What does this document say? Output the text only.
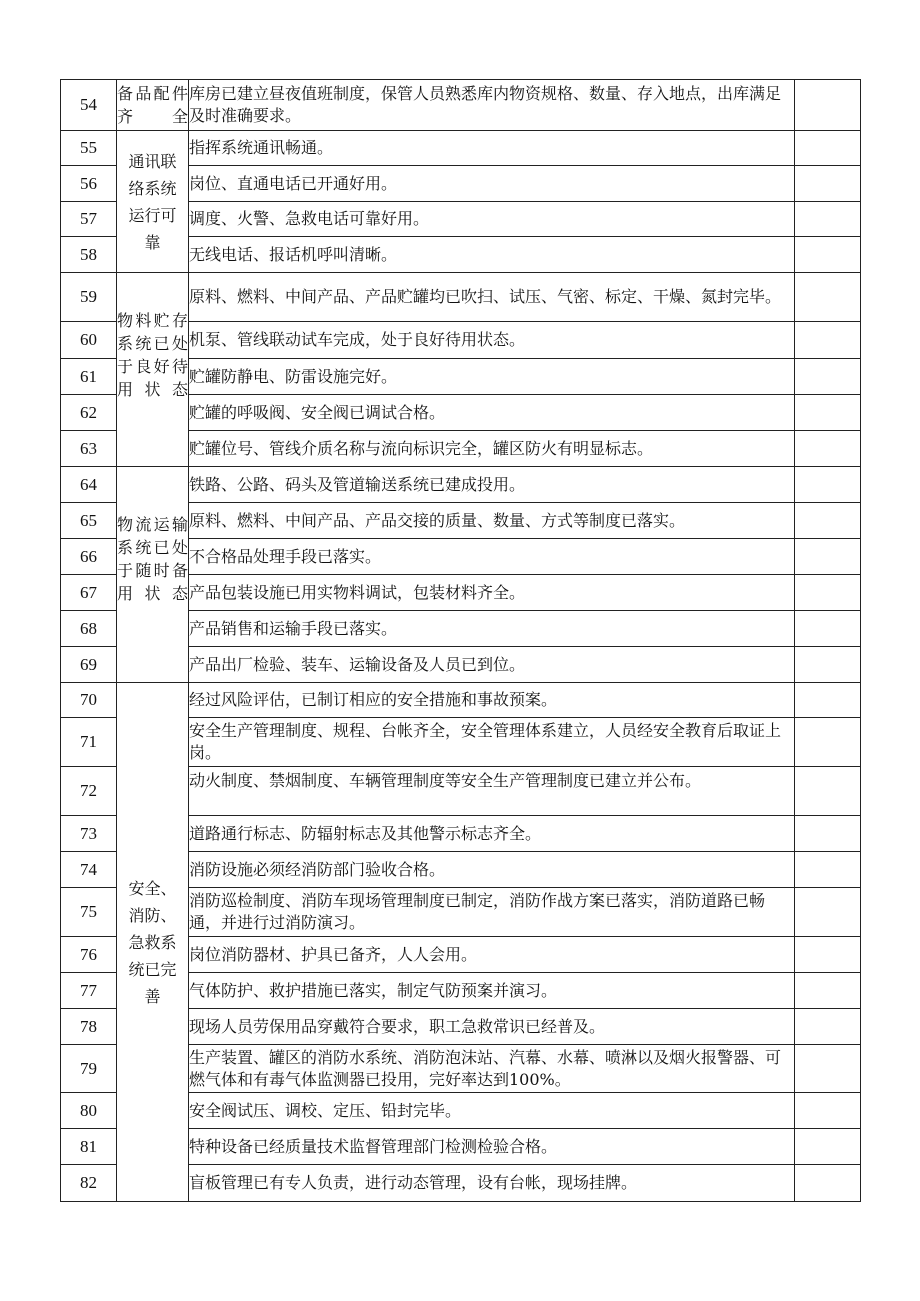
54	备品配件齐全	库房已建立昼夜值班制度，保管人员熟悉库内物资规格、数量、存入地点，出库满足及时准确要求。	
55	通讯联络系统运行可靠	指挥系统通讯畅通。	
56		岗位、直通电话已开通好用。	
57		调度、火警、急救电话可靠好用。	
58		无线电话、报话机呼叫清晰。	
59	物料贮存系统已处于良好待用状态	原料、燃料、中间产品、产品贮罐均已吹扫、试压、气密、标定、干燥、氮封完毕。	
60		机泵、管线联动试车完成，处于良好待用状态。	
61		贮罐防静电、防雷设施完好。	
62		贮罐的呼吸阀、安全阀已调试合格。	
63		贮罐位号、管线介质名称与流向标识完全，罐区防火有明显标志。	
64	物流运输系统已处于随时备用状态	铁路、公路、码头及管道输送系统已建成投用。	
65		原料、燃料、中间产品、产品交接的质量、数量、方式等制度已落实。	
66		不合格品处理手段已落实。	
67		产品包装设施已用实物料调试，包装材料齐全。	
68		产品销售和运输手段已落实。	
69		产品出厂检验、装车、运输设备及人员已到位。	
70	安全、消防、急救系统已完善	经过风险评估，已制订相应的安全措施和事故预案。	
71		安全生产管理制度、规程、台帐齐全，安全管理体系建立，人员经安全教育后取证上岗。	
72		动火制度、禁烟制度、车辆管理制度等安全生产管理制度已建立并公布。	
73		道路通行标志、防辐射标志及其他警示标志齐全。	
74		消防设施必须经消防部门验收合格。	
75		消防巡检制度、消防车现场管理制度已制定，消防作战方案已落实，消防道路已畅通，并进行过消防演习。	
76		岗位消防器材、护具已备齐，人人会用。	
77		气体防护、救护措施已落实，制定气防预案并演习。	
78		现场人员劳保用品穿戴符合要求，职工急救常识已经普及。	
79		生产装置、罐区的消防水系统、消防泡沫站、汽幕、水幕、喷淋以及烟火报警器、可燃气体和有毒气体监测器已投用，完好率达到100%。	
80		安全阀试压、调校、定压、铅封完毕。	
81		特种设备已经质量技术监督管理部门检测检验合格。	
82		盲板管理已有专人负责，进行动态管理，设有台帐，现场挂牌。	
